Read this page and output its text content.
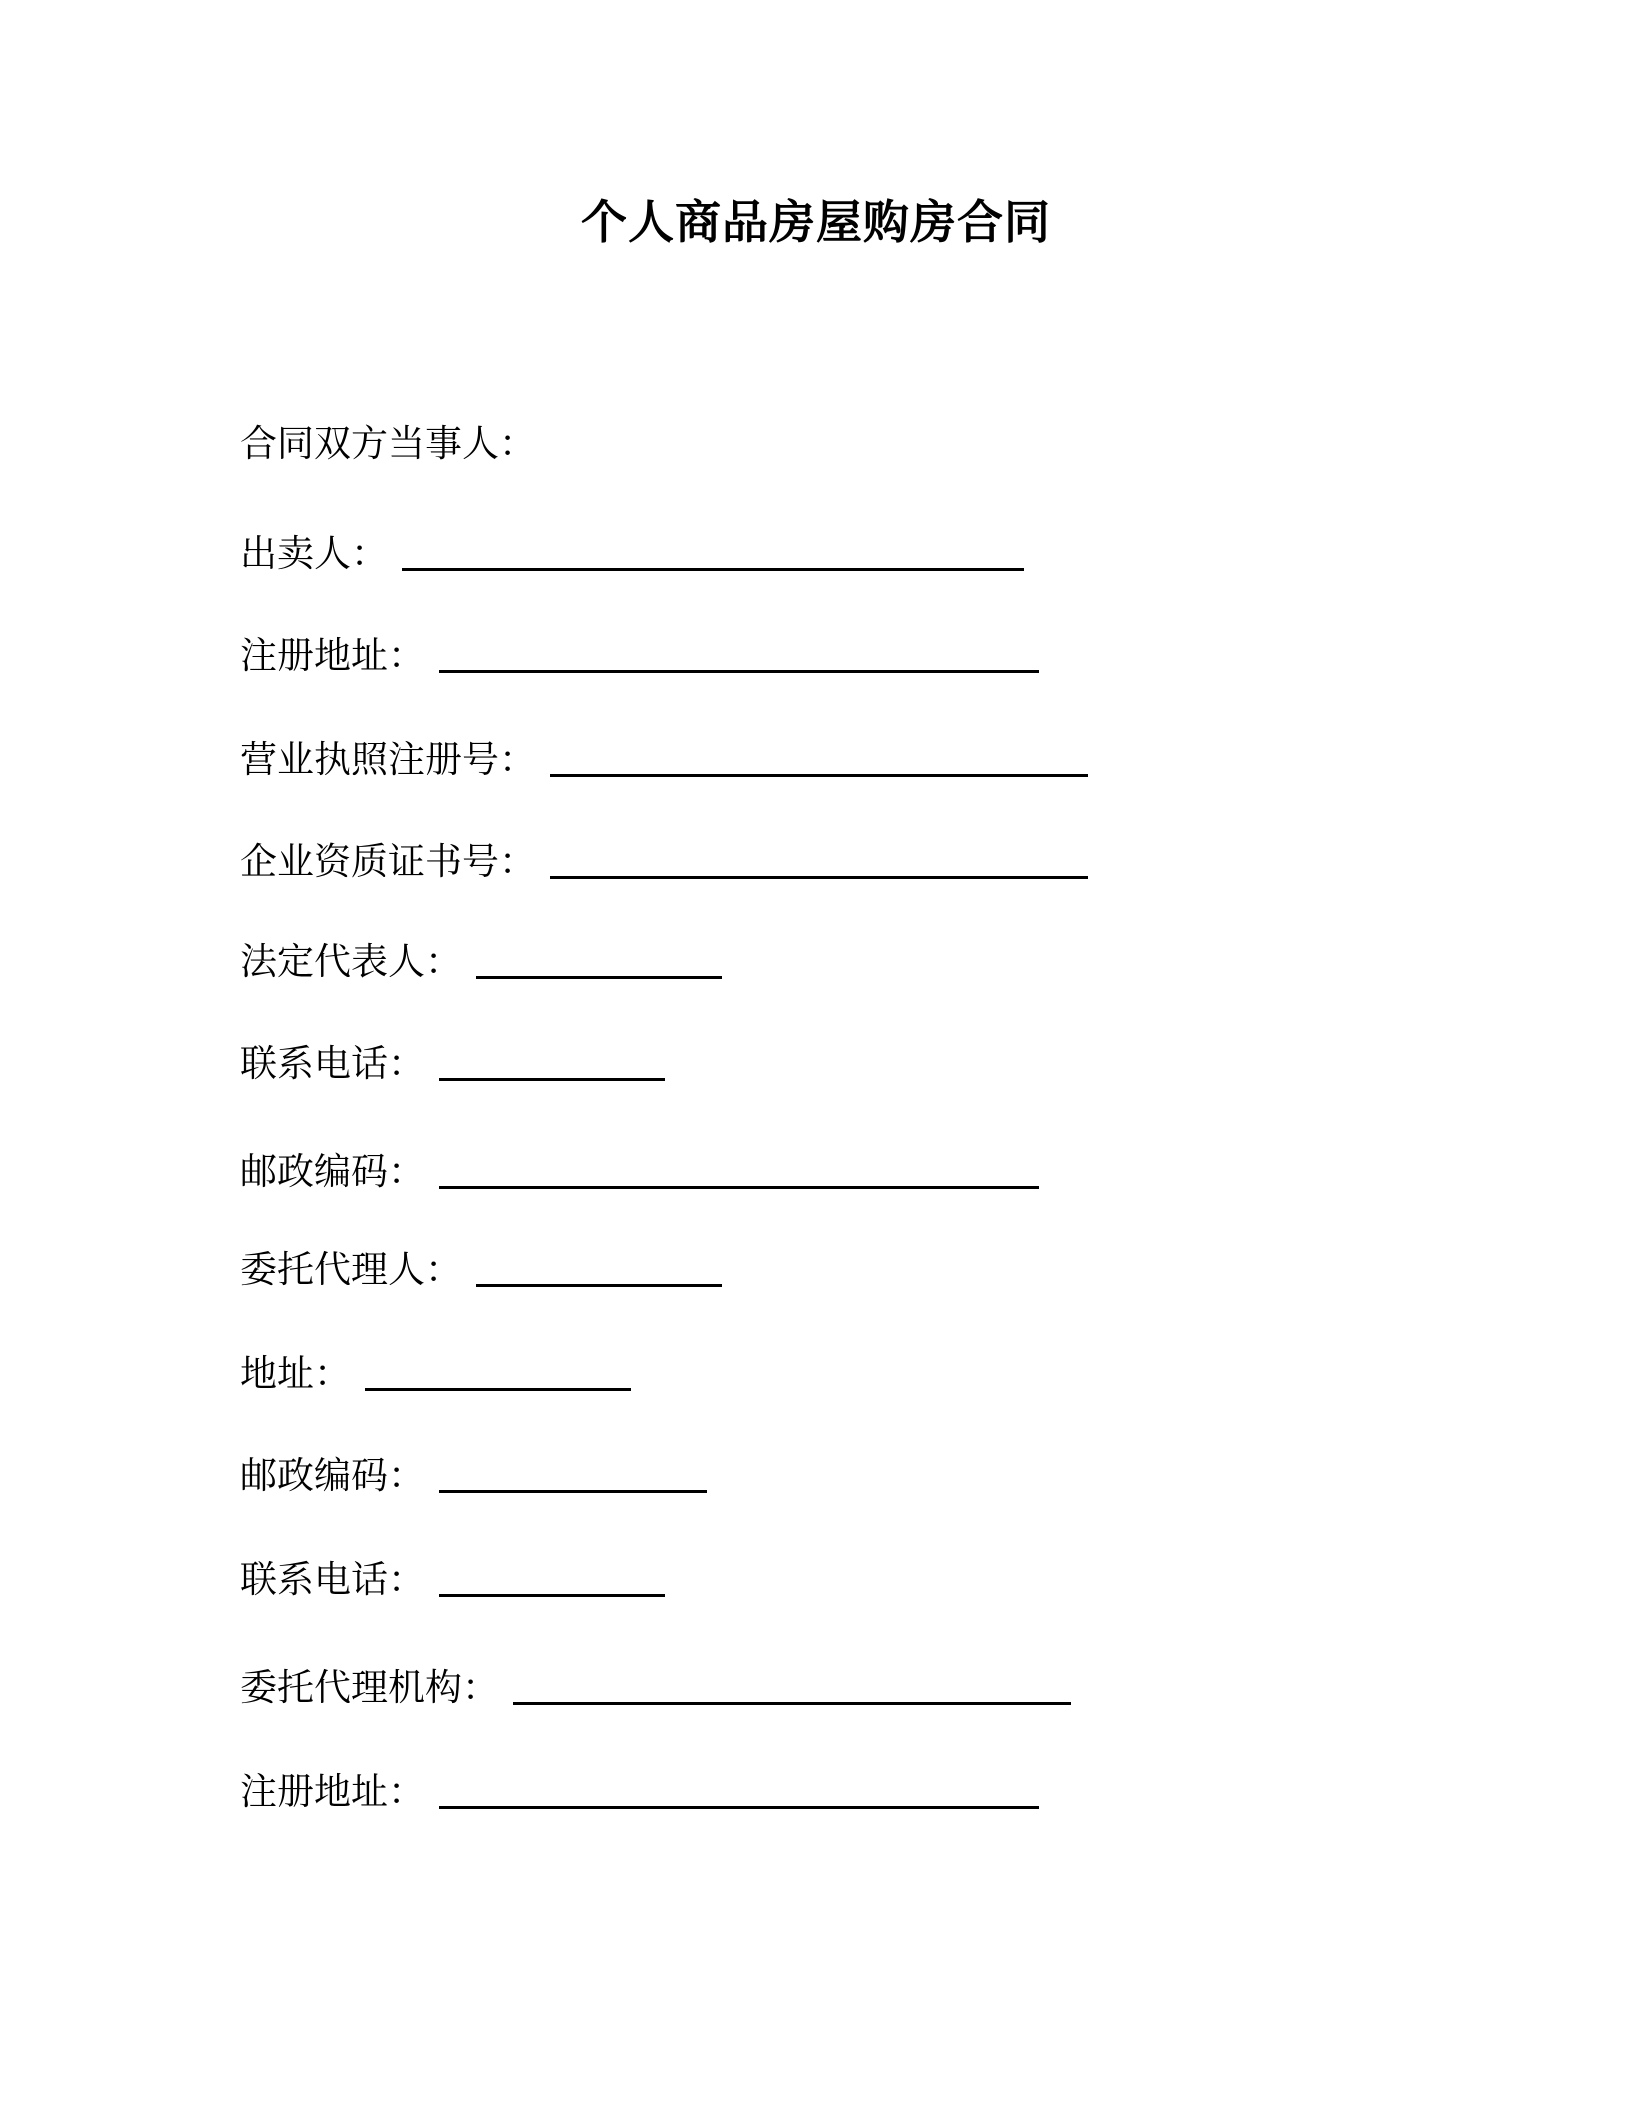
个人商品房屋购房合同
合同双方当事人：
出卖人：
注册地址：
营业执照注册号：
企业资质证书号：
法定代表人：
联系电话：
邮政编码：
委托代理人：
地址：
邮政编码：
联系电话：
委托代理机构：
注册地址：
